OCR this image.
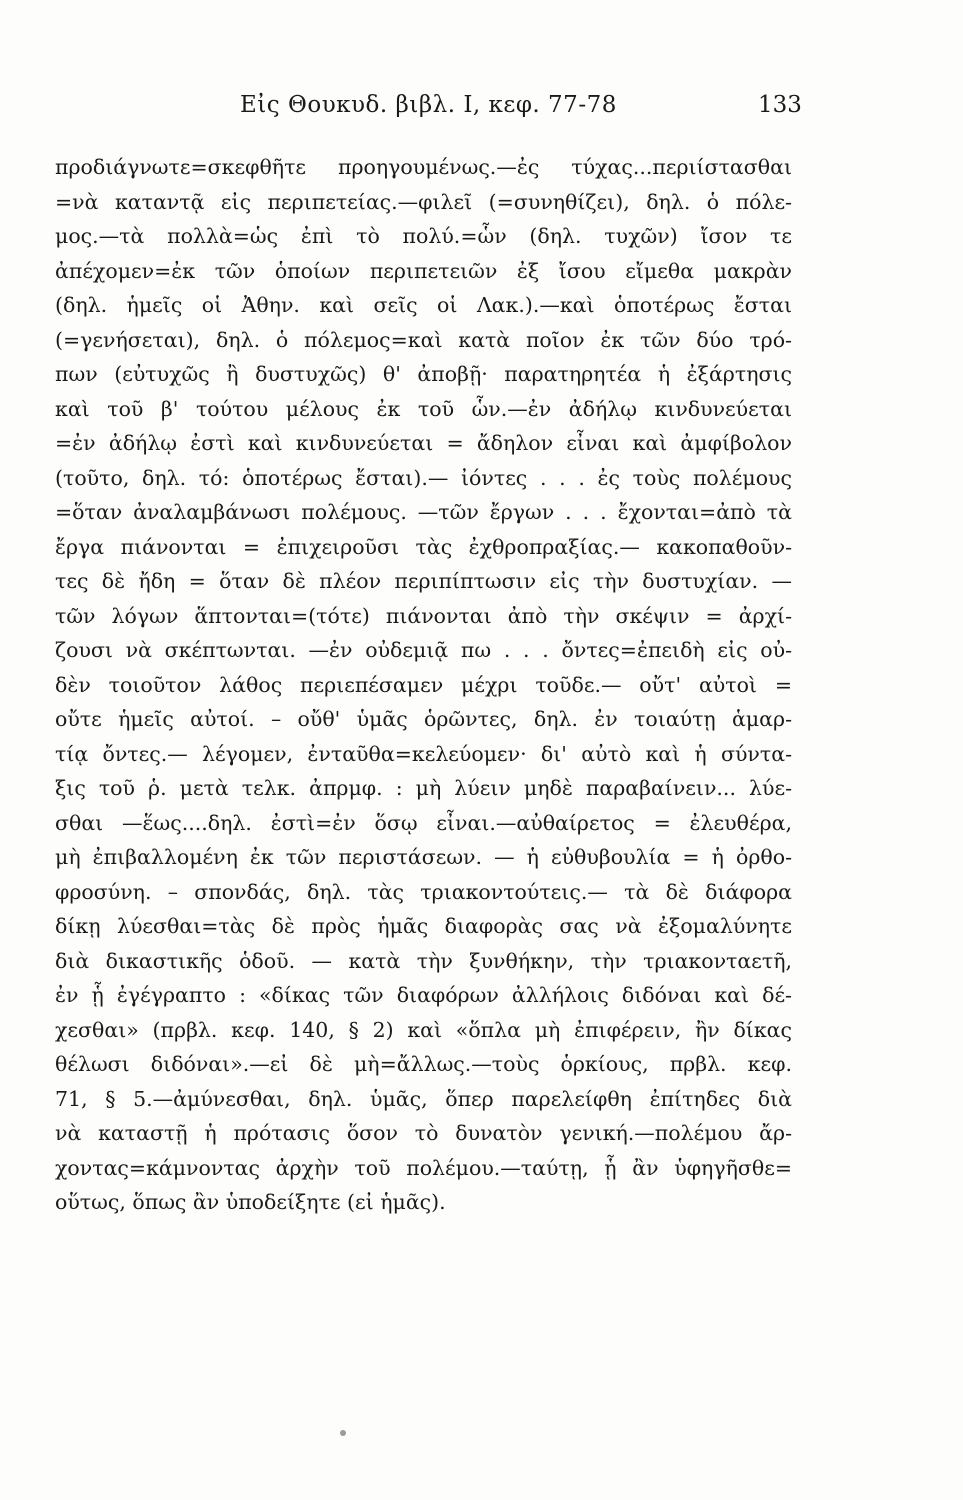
Εἰς Θουκυδ. βιβλ. I, κεφ. 77-78	133
προδιάγνωτε=σκεφθῆτε προηγουμένως.—ἐς τύχας...περιίστασθαι
=νὰ καταντᾷ εἰς περιπετείας.—φιλεῖ (=συνηθίζει), δηλ. ὁ πόλε-
μος.—τὰ πολλὰ=ὡς ἐπὶ τὸ πολύ.=ὧν (δηλ. τυχῶν) ἴσον τε
ἀπέχομεν=ἐκ τῶν ὁποίων περιπετειῶν ἐξ ἴσου εἴμεθα μακρὰν
(δηλ. ἡμεῖς οἱ Ἀθην. καὶ σεῖς οἱ Λακ.).—καὶ ὁποτέρως ἔσται
(=γενήσεται), δηλ. ὁ πόλεμος=καὶ κατὰ ποῖον ἐκ τῶν δύο τρό-
πων (εὐτυχῶς ἢ δυστυχῶς) θ' ἀποβῇ· παρατηρητέα ἡ ἐξάρτησις
καὶ τοῦ β' τούτου μέλους ἐκ τοῦ ὧν.—ἐν ἀδήλῳ κινδυνεύεται
=ἐν ἀδήλῳ ἐστὶ καὶ κινδυνεύεται = ἄδηλον εἶναι καὶ ἀμφίβολον
(τοῦτο, δηλ. τό: ὁποτέρως ἔσται).— ἰόντες . . . ἐς τοὺς πολέμους
=ὅταν ἀναλαμβάνωσι πολέμους. —τῶν ἔργων . . . ἔχονται=ἀπὸ τὰ
ἔργα πιάνονται = ἐπιχειροῦσι τὰς ἐχθροπραξίας.— κακοπαθοῦν-
τες δὲ ἤδη = ὅταν δὲ πλέον περιπίπτωσιν εἰς τὴν δυστυχίαν. —
τῶν λόγων ἅπτονται=(τότε) πιάνονται ἀπὸ τὴν σκέψιν = ἀρχί-
ζουσι νὰ σκέπτωνται. —ἐν οὐδεμιᾷ πω . . . ὄντες=ἐπειδὴ εἰς οὐ-
δὲν τοιοῦτον λάθος περιεπέσαμεν μέχρι τοῦδε.— οὔτ' αὐτοὶ =
οὔτε ἡμεῖς αὐτοί. – οὔθ' ὑμᾶς ὁρῶντες, δηλ. ἐν τοιαύτῃ ἁμαρ-
τίᾳ ὄντες.— λέγομεν, ἐνταῦθα=κελεύομεν· δι' αὐτὸ καὶ ἡ σύντα-
ξις τοῦ ῥ. μετὰ τελκ. ἀπρμφ. : μὴ λύειν μηδὲ παραβαίνειν... λύε-
σθαι —ἕως....δηλ. ἐστὶ=ἐν ὅσῳ εἶναι.—αὐθαίρετος = ἐλευθέρα,
μὴ ἐπιβαλλομένη ἐκ τῶν περιστάσεων. — ἡ εὐθυβουλία = ἡ ὀρθο-
φροσύνη. – σπονδάς, δηλ. τὰς τριακοντούτεις.— τὰ δὲ διάφορα
δίκῃ λύεσθαι=τὰς δὲ πρὸς ἡμᾶς διαφορὰς σας νὰ ἐξομαλύνητε
διὰ δικαστικῆς ὁδοῦ. — κατὰ τὴν ξυνθήκην, τὴν τριακονταετῆ,
ἐν ᾗ ἐγέγραπτο : «δίκας τῶν διαφόρων ἀλλήλοις διδόναι καὶ δέ-
χεσθαι» (πρβλ. κεφ. 140, § 2) καὶ «ὅπλα μὴ ἐπιφέρειν, ἢν δίκας
θέλωσι διδόναι».—εἰ δὲ μὴ=ἄλλως.—τοὺς ὁρκίους, πρβλ. κεφ.
71, § 5.—ἀμύνεσθαι, δηλ. ὑμᾶς, ὅπερ παρελείφθη ἐπίτηδες διὰ
νὰ καταστῇ ἡ πρότασις ὅσον τὸ δυνατὸν γενική.—πολέμου ἄρ-
χοντας=κάμνοντας ἀρχὴν τοῦ πολέμου.—ταύτῃ, ᾗ ἂν ὑφηγῆσθε=
οὕτως, ὅπως ἂν ὑποδείξητε (εἰ ἡμᾶς).
